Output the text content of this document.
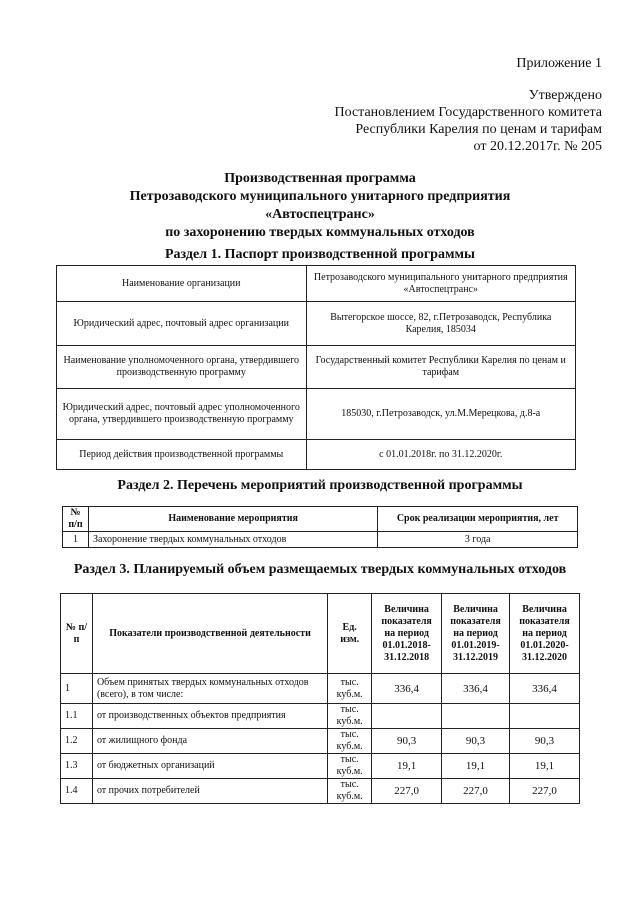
Приложение 1
Утверждено
Постановлением Государственного комитета
Республики Карелия по ценам и тарифам
от 20.12.2017г. № 205
Производственная программа
Петрозаводского муниципального унитарного предприятия
«Автоспецтранс»
по захоронению твердых коммунальных отходов
Раздел 1. Паспорт производственной программы
Наименование организации	Петрозаводского муниципального унитарного предприятия «Автоспецтранс»
Юридический адрес, почтовый адрес организации	Вытегорское шоссе, 82, г.Петрозаводск, Республика Карелия, 185034
Наименование уполномоченного органа, утвердившего производственную программу	Государственный комитет Республики Карелия по ценам и тарифам
Юридический адрес, почтовый адрес уполномоченного органа, утвердившего производственную программу	185030, г.Петрозаводск, ул.М.Мерецкова, д.8-а
Период действия производственной программы	с 01.01.2018г. по 31.12.2020г.
Раздел 2. Перечень мероприятий производственной программы
№ п/п	Наименование мероприятия	Срок реализации мероприятия, лет
1	Захоронение твердых коммунальных отходов	3 года
Раздел 3. Планируемый объем размещаемых твердых коммунальных отходов
№ п/п	Показатели производственной деятельности	Ед. изм.	Величина показателя на период 01.01.2018-31.12.2018	Величина показателя на период 01.01.2019-31.12.2019	Величина показателя на период 01.01.2020-31.12.2020
1	Объем принятых твердых коммунальных отходов (всего), в том числе:	тыс. куб.м.	336,4	336,4	336,4
1.1	от производственных объектов предприятия	тыс. куб.м.			
1.2	от жилищного фонда	тыс. куб.м.	90,3	90,3	90,3
1.3	от бюджетных организаций	тыс. куб.м.	19,1	19,1	19,1
1.4	от прочих потребителей	тыс. куб.м.	227,0	227,0	227,0
